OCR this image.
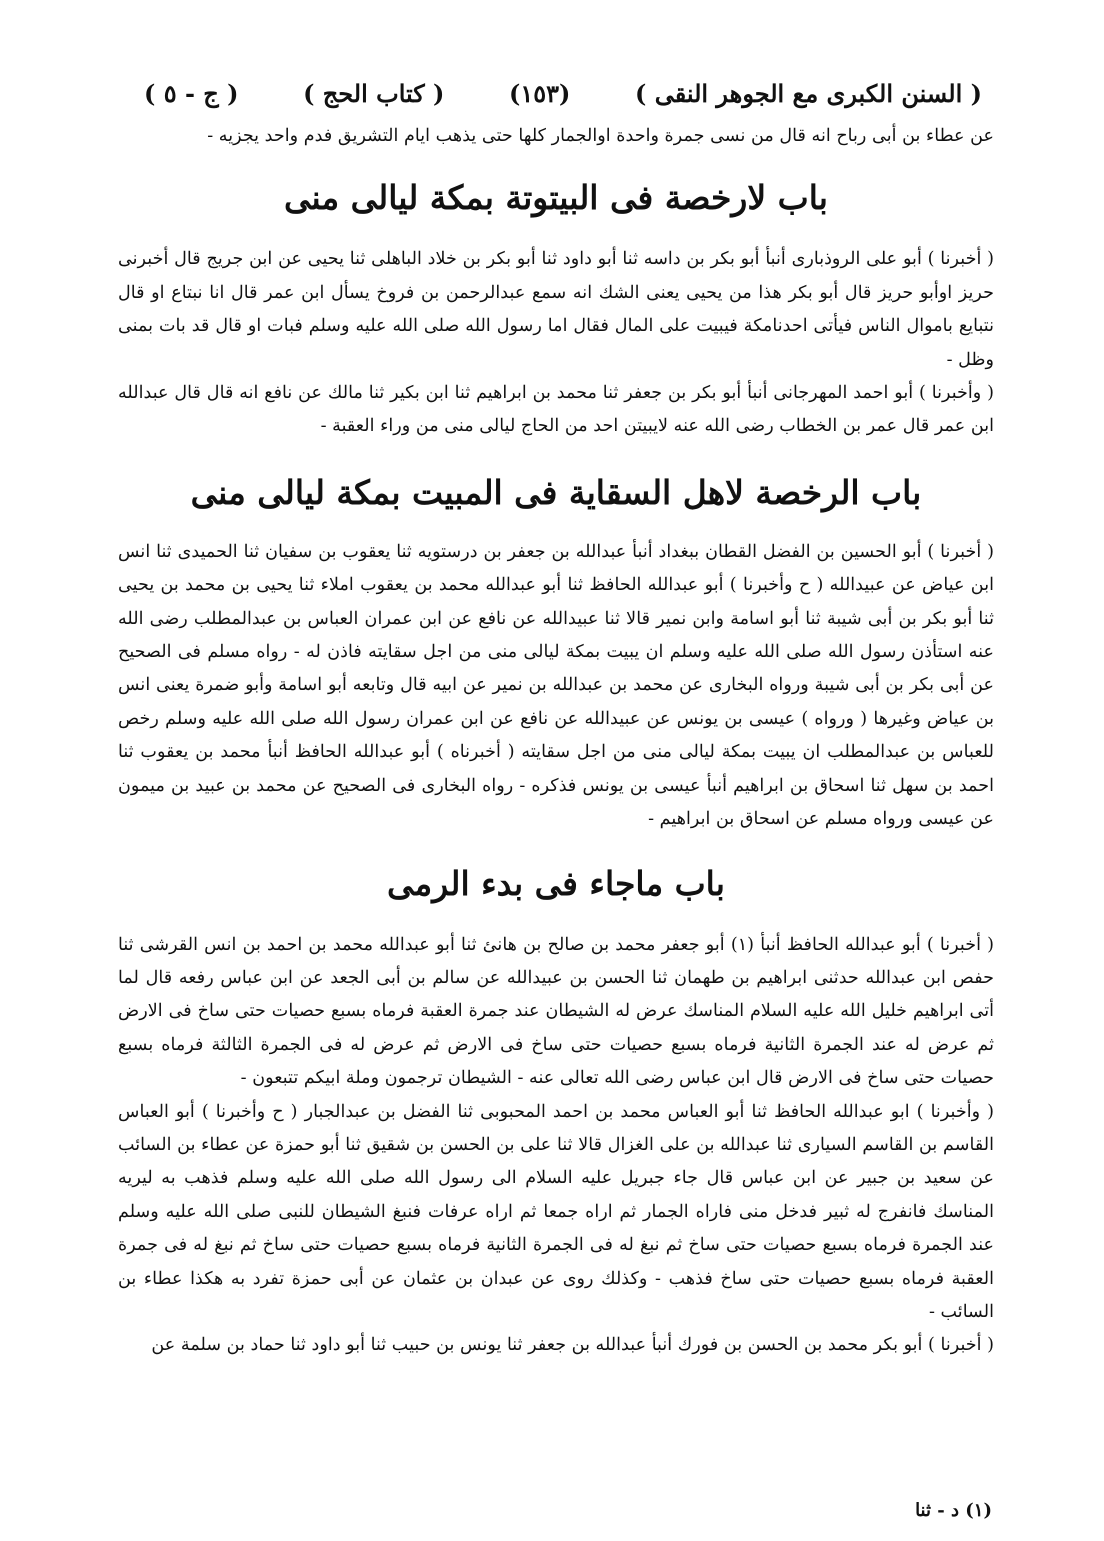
( السنن الكبرى مع الجوهر النقى )
(١٥٣)
( كتاب الحج )
( ج - ٥ )

عن عطاء بن أبى رباح انه قال من نسى جمرة واحدة اوالجمار كلها حتى يذهب ايام التشريق فدم واحد يجزيه -

باب لارخصة فى البيتوتة بمكة ليالى منى

( أخبرنا ) أبو على الروذبارى أنبأ أبو بكر بن داسه ثنا أبو داود ثنا أبو بكر بن خلاد الباهلى ثنا يحيى عن ابن جريج قال أخبرنى حريز اوأبو حريز قال أبو بكر هذا من يحيى يعنى الشك انه سمع عبدالرحمن بن فروخ يسأل ابن عمر قال انا نبتاع او قال نتبايع باموال الناس فيأتى احدنامكة فيبيت على المال فقال اما رسول الله صلى الله عليه وسلم فبات او قال قد بات بمنى وظل -

( وأخبرنا ) أبو احمد المهرجانى أنبأ أبو بكر بن جعفر ثنا محمد بن ابراهيم ثنا ابن بكير ثنا مالك عن نافع انه قال قال عبدالله ابن عمر قال عمر بن الخطاب رضى الله عنه لايبيتن احد من الحاج ليالى منى من وراء العقبة -

باب الرخصة لاهل السقاية فى المبيت بمكة ليالى منى

( أخبرنا ) أبو الحسين بن الفضل القطان ببغداد أنبأ عبدالله بن جعفر بن درستويه ثنا يعقوب بن سفيان ثنا الحميدى ثنا انس ابن عياض عن عبيدالله ( ح وأخبرنا ) أبو عبدالله الحافظ ثنا أبو عبدالله محمد بن يعقوب املاء ثنا يحيى بن محمد بن يحيى ثنا أبو بكر بن أبى شيبة ثنا أبو اسامة وابن نمير قالا ثنا عبيدالله عن نافع عن ابن عمران العباس بن عبدالمطلب رضى الله عنه استأذن رسول الله صلى الله عليه وسلم ان يبيت بمكة ليالى منى من اجل سقايته فاذن له - رواه مسلم فى الصحيح عن أبى بكر بن أبى شيبة ورواه البخارى عن محمد بن عبدالله بن نمير عن ابيه قال وتابعه أبو اسامة وأبو ضمرة يعنى انس بن عياض وغيرها ( ورواه ) عيسى بن يونس عن عبيدالله عن نافع عن ابن عمران رسول الله صلى الله عليه وسلم رخص للعباس بن عبدالمطلب ان يبيت بمكة ليالى منى من اجل سقايته ( أخبرناه ) أبو عبدالله الحافظ أنبأ محمد بن يعقوب ثنا احمد بن سهل ثنا اسحاق بن ابراهيم أنبأ عيسى بن يونس فذكره - رواه البخارى فى الصحيح عن محمد بن عبيد بن ميمون عن عيسى ورواه مسلم عن اسحاق بن ابراهيم -

باب ماجاء فى بدء الرمى

( أخبرنا ) أبو عبدالله الحافظ أنبأ (١) أبو جعفر محمد بن صالح بن هانئ ثنا أبو عبدالله محمد بن احمد بن انس القرشى ثنا حفص ابن عبدالله حدثنى ابراهيم بن طهمان ثنا الحسن بن عبيدالله عن سالم بن أبى الجعد عن ابن عباس رفعه قال لما أتى ابراهيم خليل الله عليه السلام المناسك عرض له الشيطان عند جمرة العقبة فرماه بسبع حصيات حتى ساخ فى الارض ثم عرض له عند الجمرة الثانية فرماه بسبع حصيات حتى ساخ فى الارض ثم عرض له فى الجمرة الثالثة فرماه بسبع حصيات حتى ساخ فى الارض قال ابن عباس رضى الله تعالى عنه - الشيطان ترجمون وملة ابيكم تتبعون -

( وأخبرنا ) ابو عبدالله الحافظ ثنا أبو العباس محمد بن احمد المحبوبى ثنا الفضل بن عبدالجبار ( ح وأخبرنا ) أبو العباس القاسم بن القاسم السيارى ثنا عبدالله بن على الغزال قالا ثنا على بن الحسن بن شقيق ثنا أبو حمزة عن عطاء بن السائب عن سعيد بن جبير عن ابن عباس قال جاء جبريل عليه السلام الى رسول الله صلى الله عليه وسلم فذهب به ليريه المناسك فانفرج له ثبير فدخل منى فاراه الجمار ثم اراه جمعا ثم اراه عرفات فنبغ الشيطان للنبى صلى الله عليه وسلم عند الجمرة فرماه بسبع حصيات حتى ساخ ثم نبغ له فى الجمرة الثانية فرماه بسبع حصيات حتى ساخ ثم نبغ له فى جمرة العقبة فرماه بسبع حصيات حتى ساخ فذهب - وكذلك روى عن عبدان بن عثمان عن أبى حمزة تفرد به هكذا عطاء بن السائب -

( أخبرنا ) أبو بكر محمد بن الحسن بن فورك أنبأ عبدالله بن جعفر ثنا يونس بن حبيب ثنا أبو داود ثنا حماد بن سلمة عن

(١) د - ثنا
